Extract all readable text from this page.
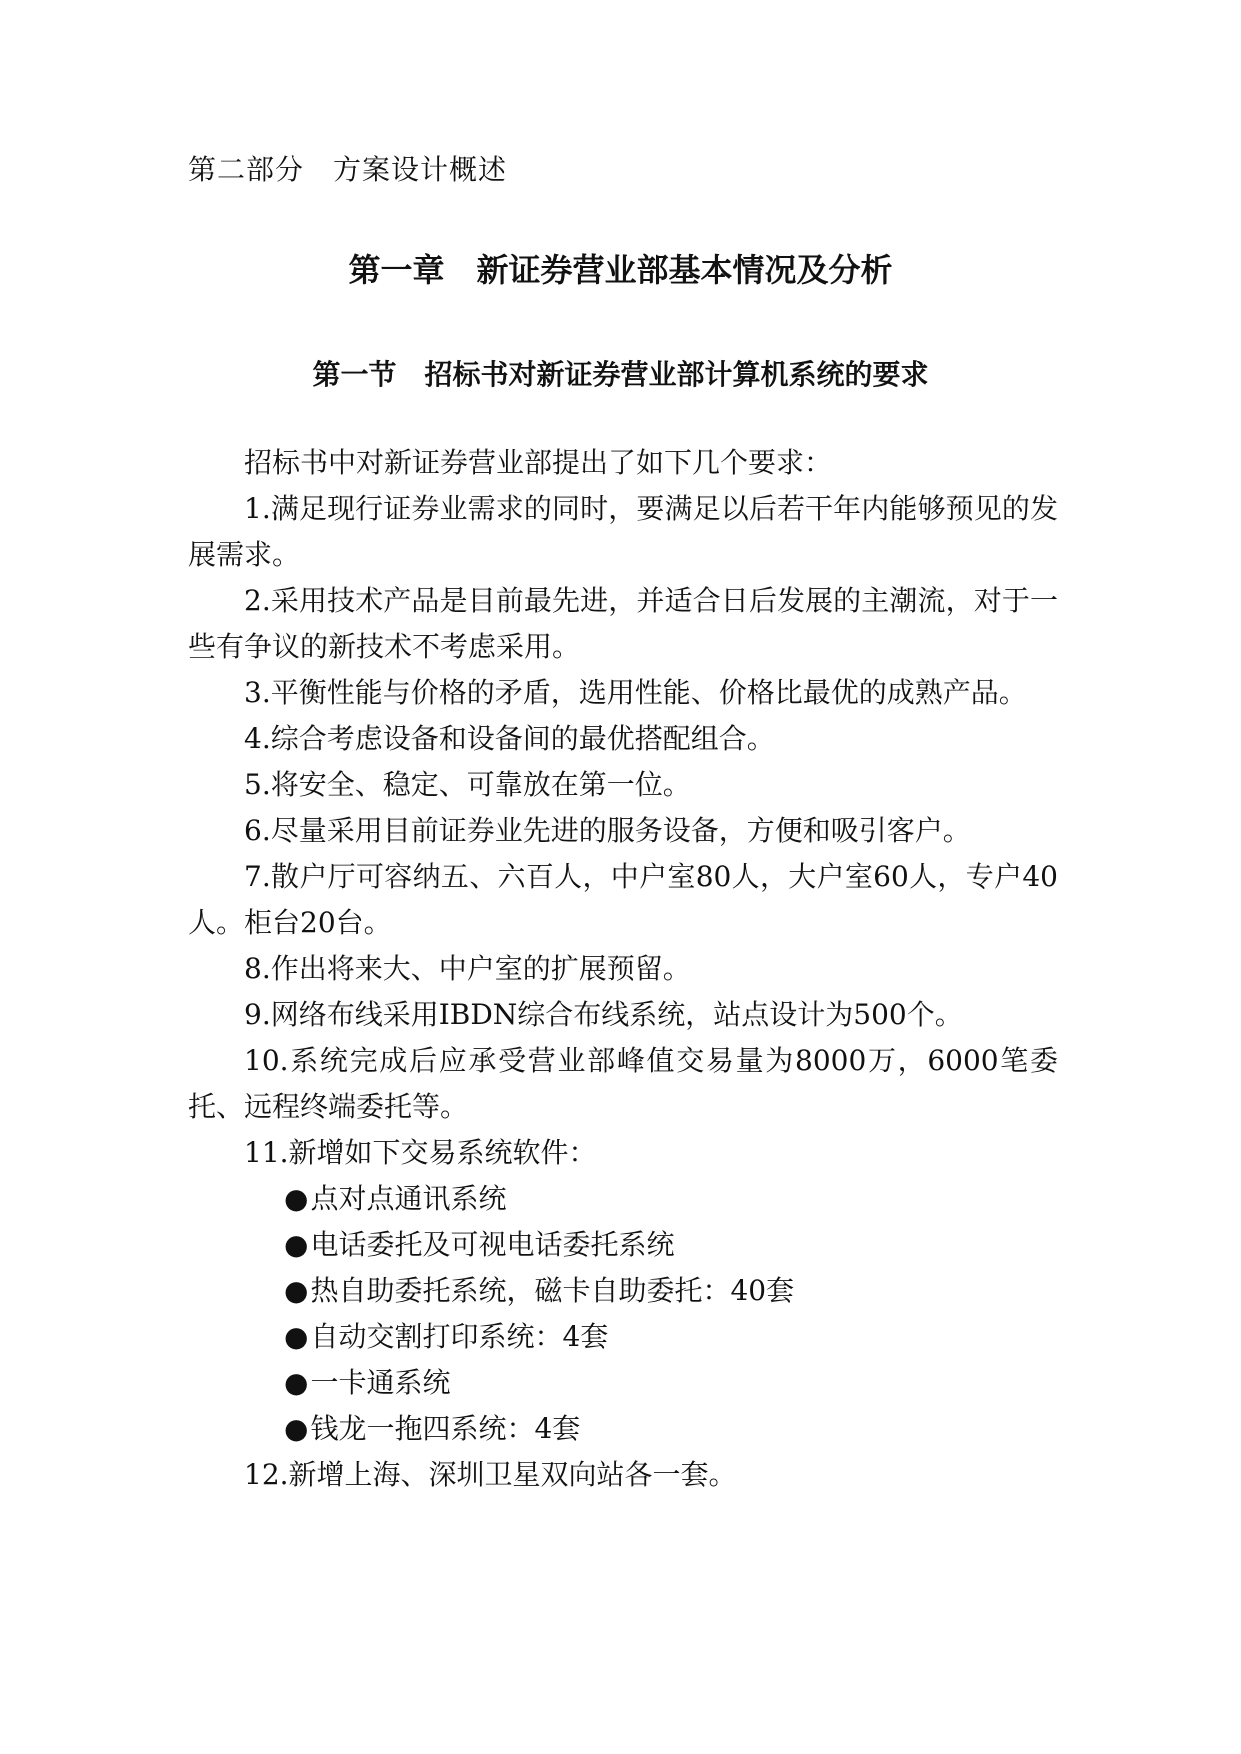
第二部分　方案设计概述
第一章　新证券营业部基本情况及分析
第一节　招标书对新证券营业部计算机系统的要求

招标书中对新证券营业部提出了如下几个要求：

1.满足现行证券业需求的同时，要满足以后若干年内能够预见的发展需求。

2.采用技术产品是目前最先进，并适合日后发展的主潮流，对于一些有争议的新技术不考虑采用。

3.平衡性能与价格的矛盾，选用性能、价格比最优的成熟产品。

4.综合考虑设备和设备间的最优搭配组合。

5.将安全、稳定、可靠放在第一位。

6.尽量采用目前证券业先进的服务设备，方便和吸引客户。

7.散户厅可容纳五、六百人，中户室80人，大户室60人，专户40人。柜台20台。

8.作出将来大、中户室的扩展预留。

9.网络布线采用IBDN综合布线系统，站点设计为500个。

10.系统完成后应承受营业部峰值交易量为8000万，6000笔委托、远程终端委托等。

11.新增如下交易系统软件：

●点对点通讯系统
●电话委托及可视电话委托系统
●热自助委托系统，磁卡自助委托：40套
●自动交割打印系统：4套
●一卡通系统
●钱龙一拖四系统：4套

12.新增上海、深圳卫星双向站各一套。
